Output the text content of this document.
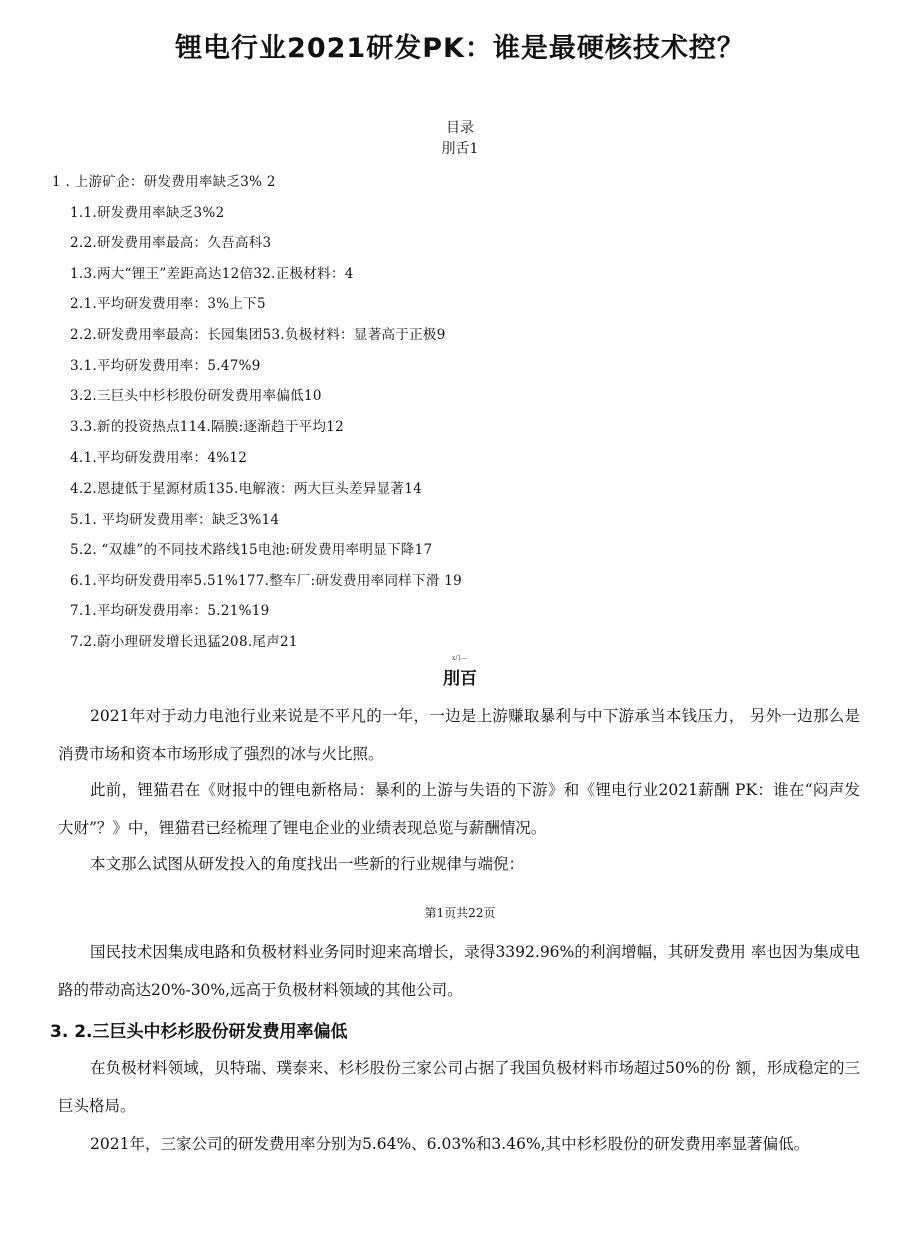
锂电行业2021研发PK：谁是最硬核技术控？
目录
刖舌1
1 . 上游矿企：研发费用率缺乏3% 2
1.1.研发费用率缺乏3%2
2.2.研发费用率最高：久吾高科3
1.3.两大“锂王”差距高达12倍32.正极材料：4
2.1.平均研发费用率：3%上下5
2.2.研发费用率最高：长园集团53.负极材料：显著高于正极9
3.1.平均研发费用率：5.47%9
3.2.三巨头中杉杉股份研发费用率偏低10
3.3.新的投资热点114.隔膜:逐渐趋于平均12
4.1.平均研发费用率：4%12
4.2.恩捷低于星源材质135.电解液：两大巨头差异显著14
5.1. 平均研发费用率：缺乏3%14
5.2. “双雄”的不同技术路线15电池:研发费用率明显下降17
6.1.平均研发费用率5.51%177.整车厂:研发费用率同样下滑 19
7.1.平均研发费用率：5.21%19
7.2.蔚小理研发增长迅猛208.尾声21
x/1—
刖百

2021年对于动力电池行业来说是不平凡的一年，一边是上游赚取暴利与中下游承当本钱压力， 另外一边那么是消费市场和资本市场形成了强烈的冰与火比照。

此前，锂猫君在《财报中的锂电新格局：暴利的上游与失语的下游》和《锂电行业2021薪酬 PK：谁在“闷声发大财”？》中，锂猫君已经梳理了锂电企业的业绩表现总览与薪酬情况。

本文那么试图从研发投入的角度找出一些新的行业规律与端倪：

第1页共22页

国民技术因集成电路和负极材料业务同时迎来高增长，录得3392.96%的利润增幅，其研发费用 率也因为集成电路的带动高达20%-30%,远高于负极材料领域的其他公司。

3. 2.三巨头中杉杉股份研发费用率偏低

在负极材料领域，贝特瑞、璞泰来、杉杉股份三家公司占据了我国负极材料市场超过50%的份 额，形成稳定的三巨头格局。

2021年，三家公司的研发费用率分别为5.64%、6.03%和3.46%,其中杉杉股份的研发费用率显著偏低。
